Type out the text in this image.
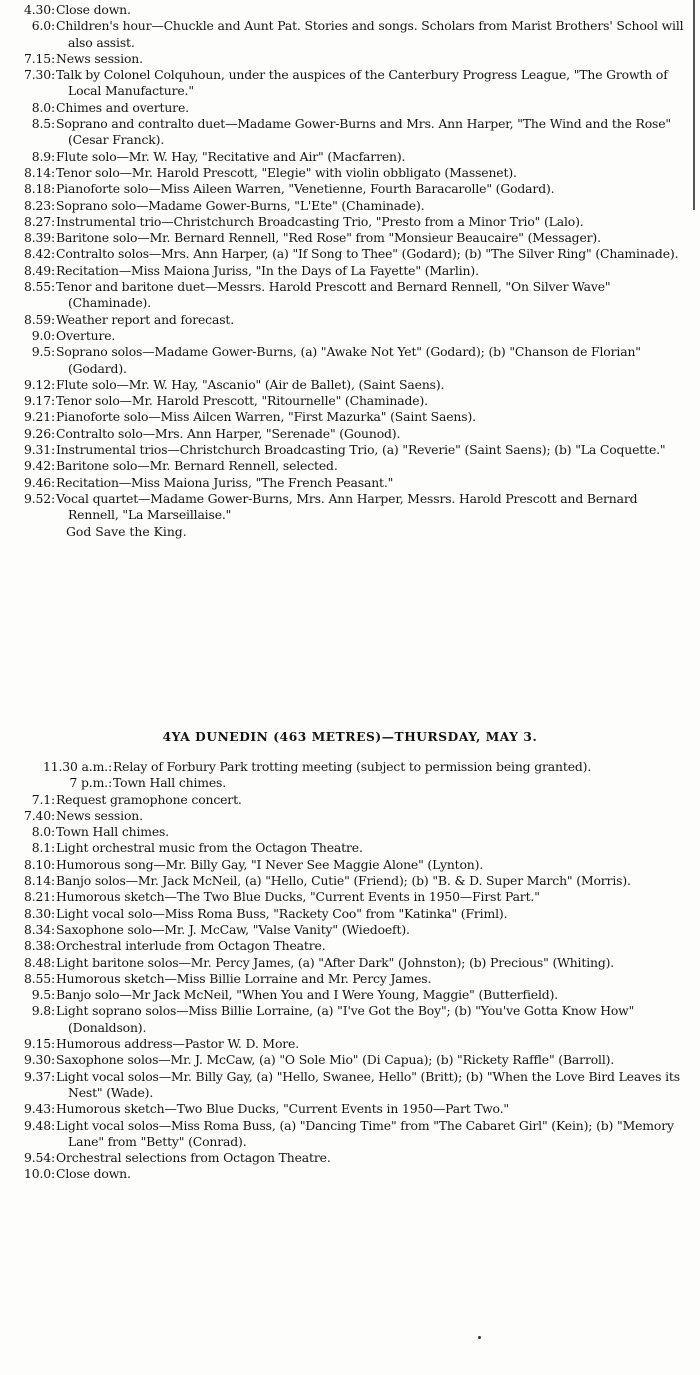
4.30: Close down.
6.0: Children's hour—Chuckle and Aunt Pat. Stories and songs. Scholars from Marist Brothers' School will also assist.
7.15: News session.
7.30: Talk by Colonel Colquhoun, under the auspices of the Canterbury Progress League, "The Growth of Local Manufacture."
8.0: Chimes and overture.
8.5: Soprano and contralto duet—Madame Gower-Burns and Mrs. Ann Harper, "The Wind and the Rose" (Cesar Franck).
8.9: Flute solo—Mr. W. Hay, "Recitative and Air" (Macfarren).
8.14: Tenor solo—Mr. Harold Prescott, "Elegie" with violin obbligato (Massenet).
8.18: Pianoforte solo—Miss Aileen Warren, "Venetienne, Fourth Baracarolle" (Godard).
8.23: Soprano solo—Madame Gower-Burns, "L'Ete" (Chaminade).
8.27: Instrumental trio—Christchurch Broadcasting Trio, "Presto from a Minor Trio" (Lalo).
8.39: Baritone solo—Mr. Bernard Rennell, "Red Rose" from "Monsieur Beaucaire" (Messager).
8.42: Contralto solos—Mrs. Ann Harper, (a) "If Song to Thee" (Godard); (b) "The Silver Ring" (Chaminade).
8.49: Recitation—Miss Maiona Juriss, "In the Days of La Fayette" (Marlin).
8.55: Tenor and baritone duet—Messrs. Harold Prescott and Bernard Rennell, "On Silver Wave" (Chaminade).
8.59: Weather report and forecast.
9.0: Overture.
9.5: Soprano solos—Madame Gower-Burns, (a) "Awake Not Yet" (Godard); (b) "Chanson de Florian" (Godard).
9.12: Flute solo—Mr. W. Hay, "Ascanio" (Air de Ballet), (Saint Saens).
9.17: Tenor solo—Mr. Harold Prescott, "Ritournelle" (Chaminade).
9.21: Pianoforte solo—Miss Ailcen Warren, "First Mazurka" (Saint Saens).
9.26: Contralto solo—Mrs. Ann Harper, "Serenade" (Gounod).
9.31: Instrumental trios—Christchurch Broadcasting Trio, (a) "Reverie" (Saint Saens); (b) "La Coquette."
9.42: Baritone solo—Mr. Bernard Rennell, selected.
9.46: Recitation—Miss Maiona Juriss, "The French Peasant."
9.52: Vocal quartet—Madame Gower-Burns, Mrs. Ann Harper, Messrs. Harold Prescott and Bernard Rennell, "La Marseillaise."
God Save the King.
4YA DUNEDIN (463 METRES)—THURSDAY, MAY 3.
11.30 a.m.: Relay of Forbury Park trotting meeting (subject to permission being granted).
7 p.m.: Town Hall chimes.
7.1: Request gramophone concert.
7.40: News session.
8.0: Town Hall chimes.
8.1: Light orchestral music from the Octagon Theatre.
8.10: Humorous song—Mr. Billy Gay, "I Never See Maggie Alone" (Lynton).
8.14: Banjo solos—Mr. Jack McNeil, (a) "Hello, Cutie" (Friend); (b) "B. & D. Super March" (Morris).
8.21: Humorous sketch—The Two Blue Ducks, "Current Events in 1950—First Part."
8.30: Light vocal solo—Miss Roma Buss, "Rackety Coo" from "Katinka" (Friml).
8.34: Saxophone solo—Mr. J. McCaw, "Valse Vanity" (Wiedoeft).
8.38: Orchestral interlude from Octagon Theatre.
8.48: Light baritone solos—Mr. Percy James, (a) "After Dark" (Johnston); (b) Precious" (Whiting).
8.55: Humorous sketch—Miss Billie Lorraine and Mr. Percy James.
9.5: Banjo solo—Mr Jack McNeil, "When You and I Were Young, Maggie" (Butterfield).
9.8: Light soprano solos—Miss Billie Lorraine, (a) "I've Got the Boy"; (b) "You've Gotta Know How" (Donaldson).
9.15: Humorous address—Pastor W. D. More.
9.30: Saxophone solos—Mr. J. McCaw, (a) "O Sole Mio" (Di Capua); (b) "Rickety Raffle" (Barroll).
9.37: Light vocal solos—Mr. Billy Gay, (a) "Hello, Swanee, Hello" (Britt); (b) "When the Love Bird Leaves its Nest" (Wade).
9.43: Humorous sketch—Two Blue Ducks, "Current Events in 1950—Part Two."
9.48: Light vocal solos—Miss Roma Buss, (a) "Dancing Time" from "The Cabaret Girl" (Kein); (b) "Memory Lane" from "Betty" (Conrad).
9.54: Orchestral selections from Octagon Theatre.
10.0: Close down.
